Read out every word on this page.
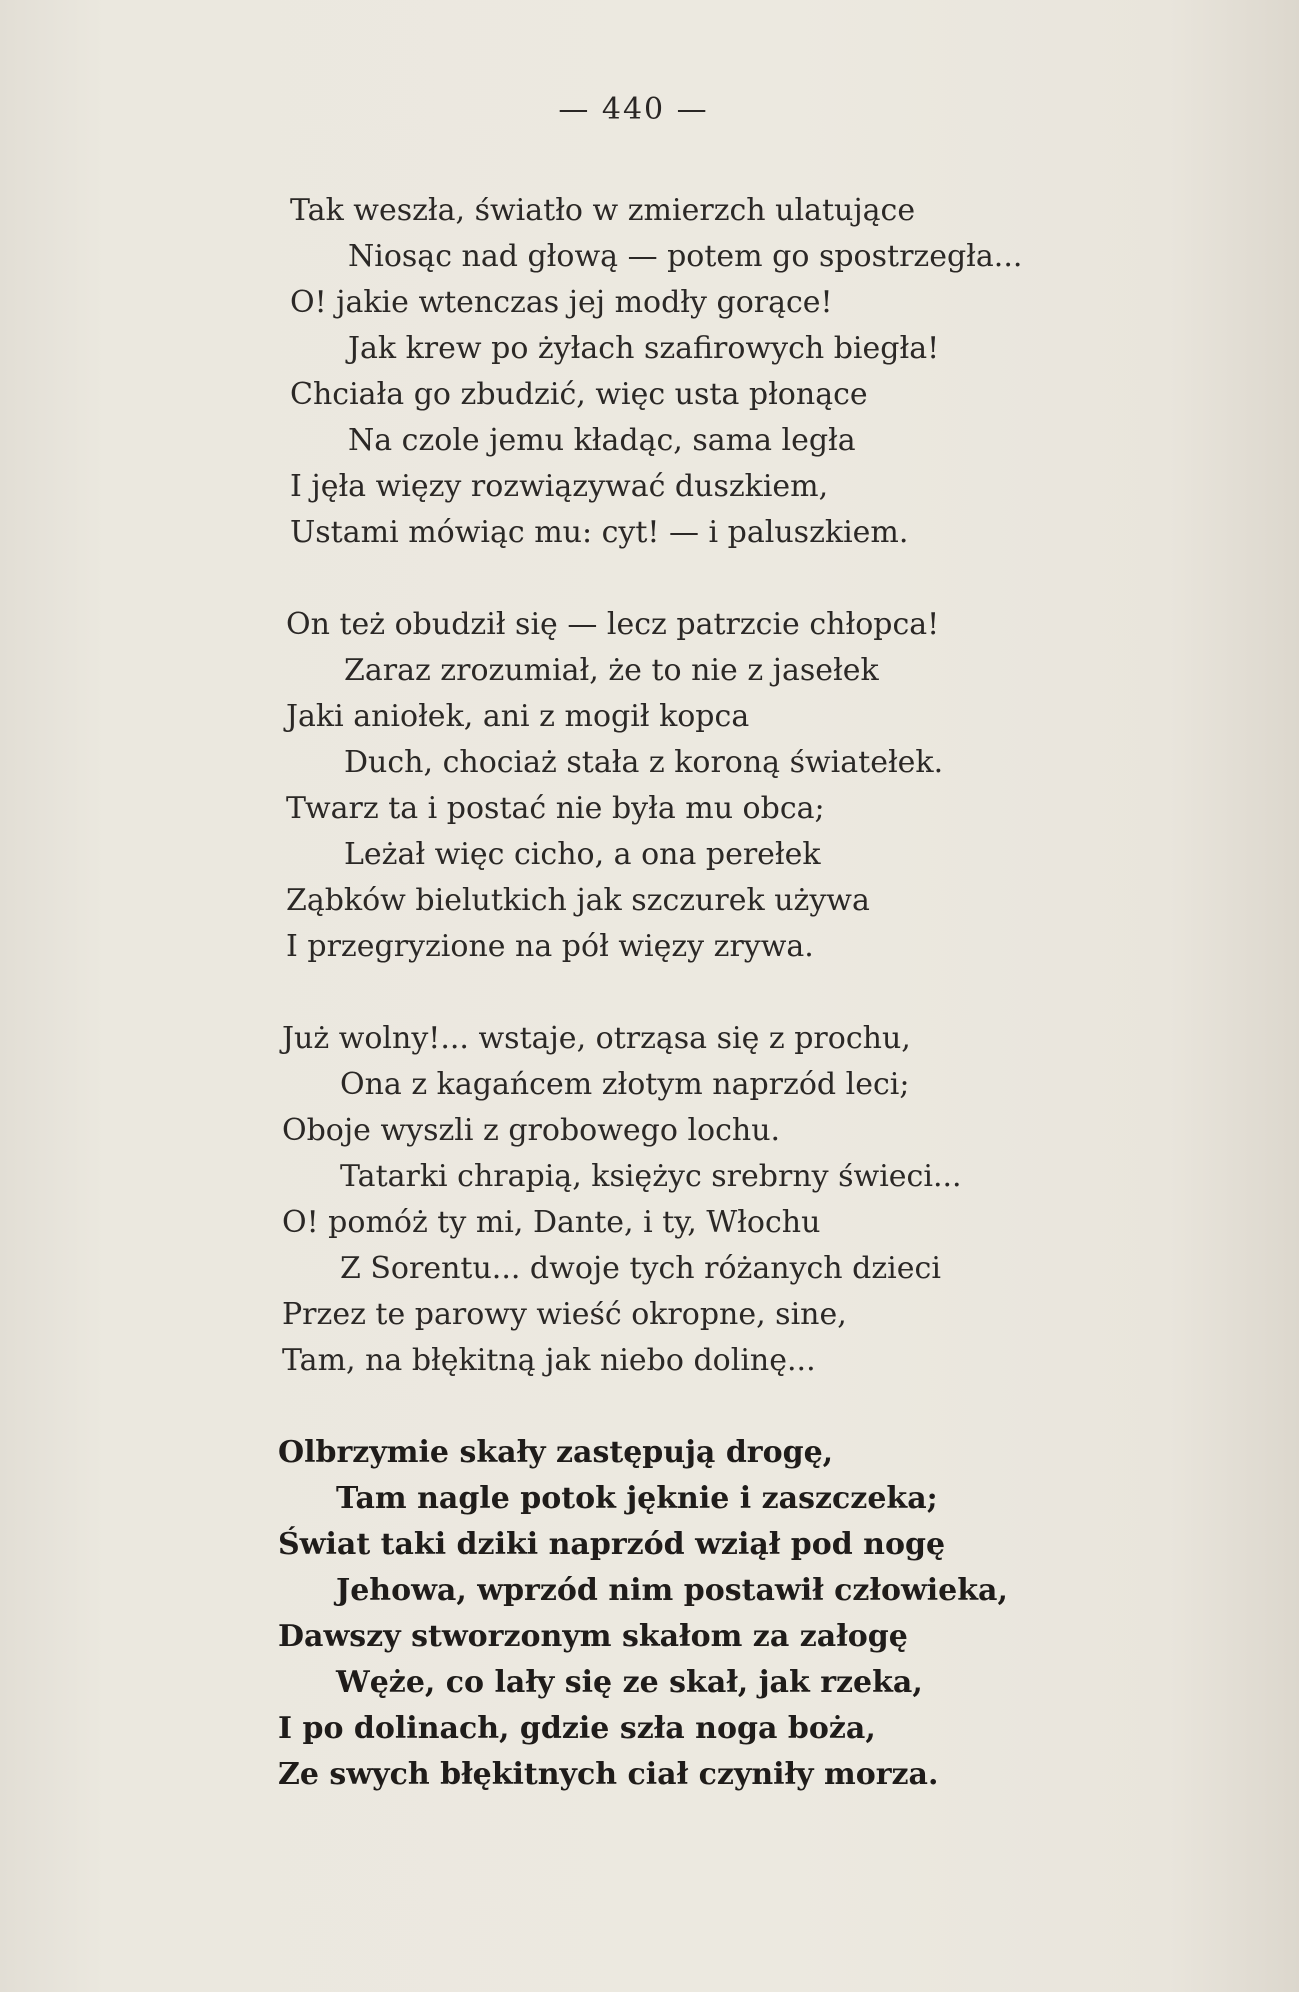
— 440 —
Tak weszła, światło w zmierzch ulatujące
Niosąc nad głową — potem go spostrzegła...
O! jakie wtenczas jej modły gorące!
Jak krew po żyłach szafirowych biegła!
Chciała go zbudzić, więc usta płonące
Na czole jemu kładąc, sama legła
I jęła więzy rozwiązywać duszkiem,
Ustami mówiąc mu: cyt! — i paluszkiem.
On też obudził się — lecz patrzcie chłopca!
Zaraz zrozumiał, że to nie z jasełek
Jaki aniołek, ani z mogił kopca
Duch, chociaż stała z koroną światełek.
Twarz ta i postać nie była mu obca;
Leżał więc cicho, a ona perełek
Ząbków bielutkich jak szczurek używa
I przegryzione na pół więzy zrywa.
Już wolny!... wstaje, otrząsa się z prochu,
Ona z kagańcem złotym naprzód leci;
Oboje wyszli z grobowego lochu.
Tatarki chrapią, księżyc srebrny świeci...
O! pomóż ty mi, Dante, i ty, Włochu
Z Sorentu... dwoje tych różanych dzieci
Przez te parowy wieść okropne, sine,
Tam, na błękitną jak niebo dolinę...
Olbrzymie skały zastępują drogę,
Tam nagle potok jęknie i zaszczeka;
Świat taki dziki naprzód wziął pod nogę
Jehowa, wprzód nim postawił człowieka,
Dawszy stworzonym skałom za załogę
Węże, co lały się ze skał, jak rzeka,
I po dolinach, gdzie szła noga boża,
Ze swych błękitnych ciał czyniły morza.
